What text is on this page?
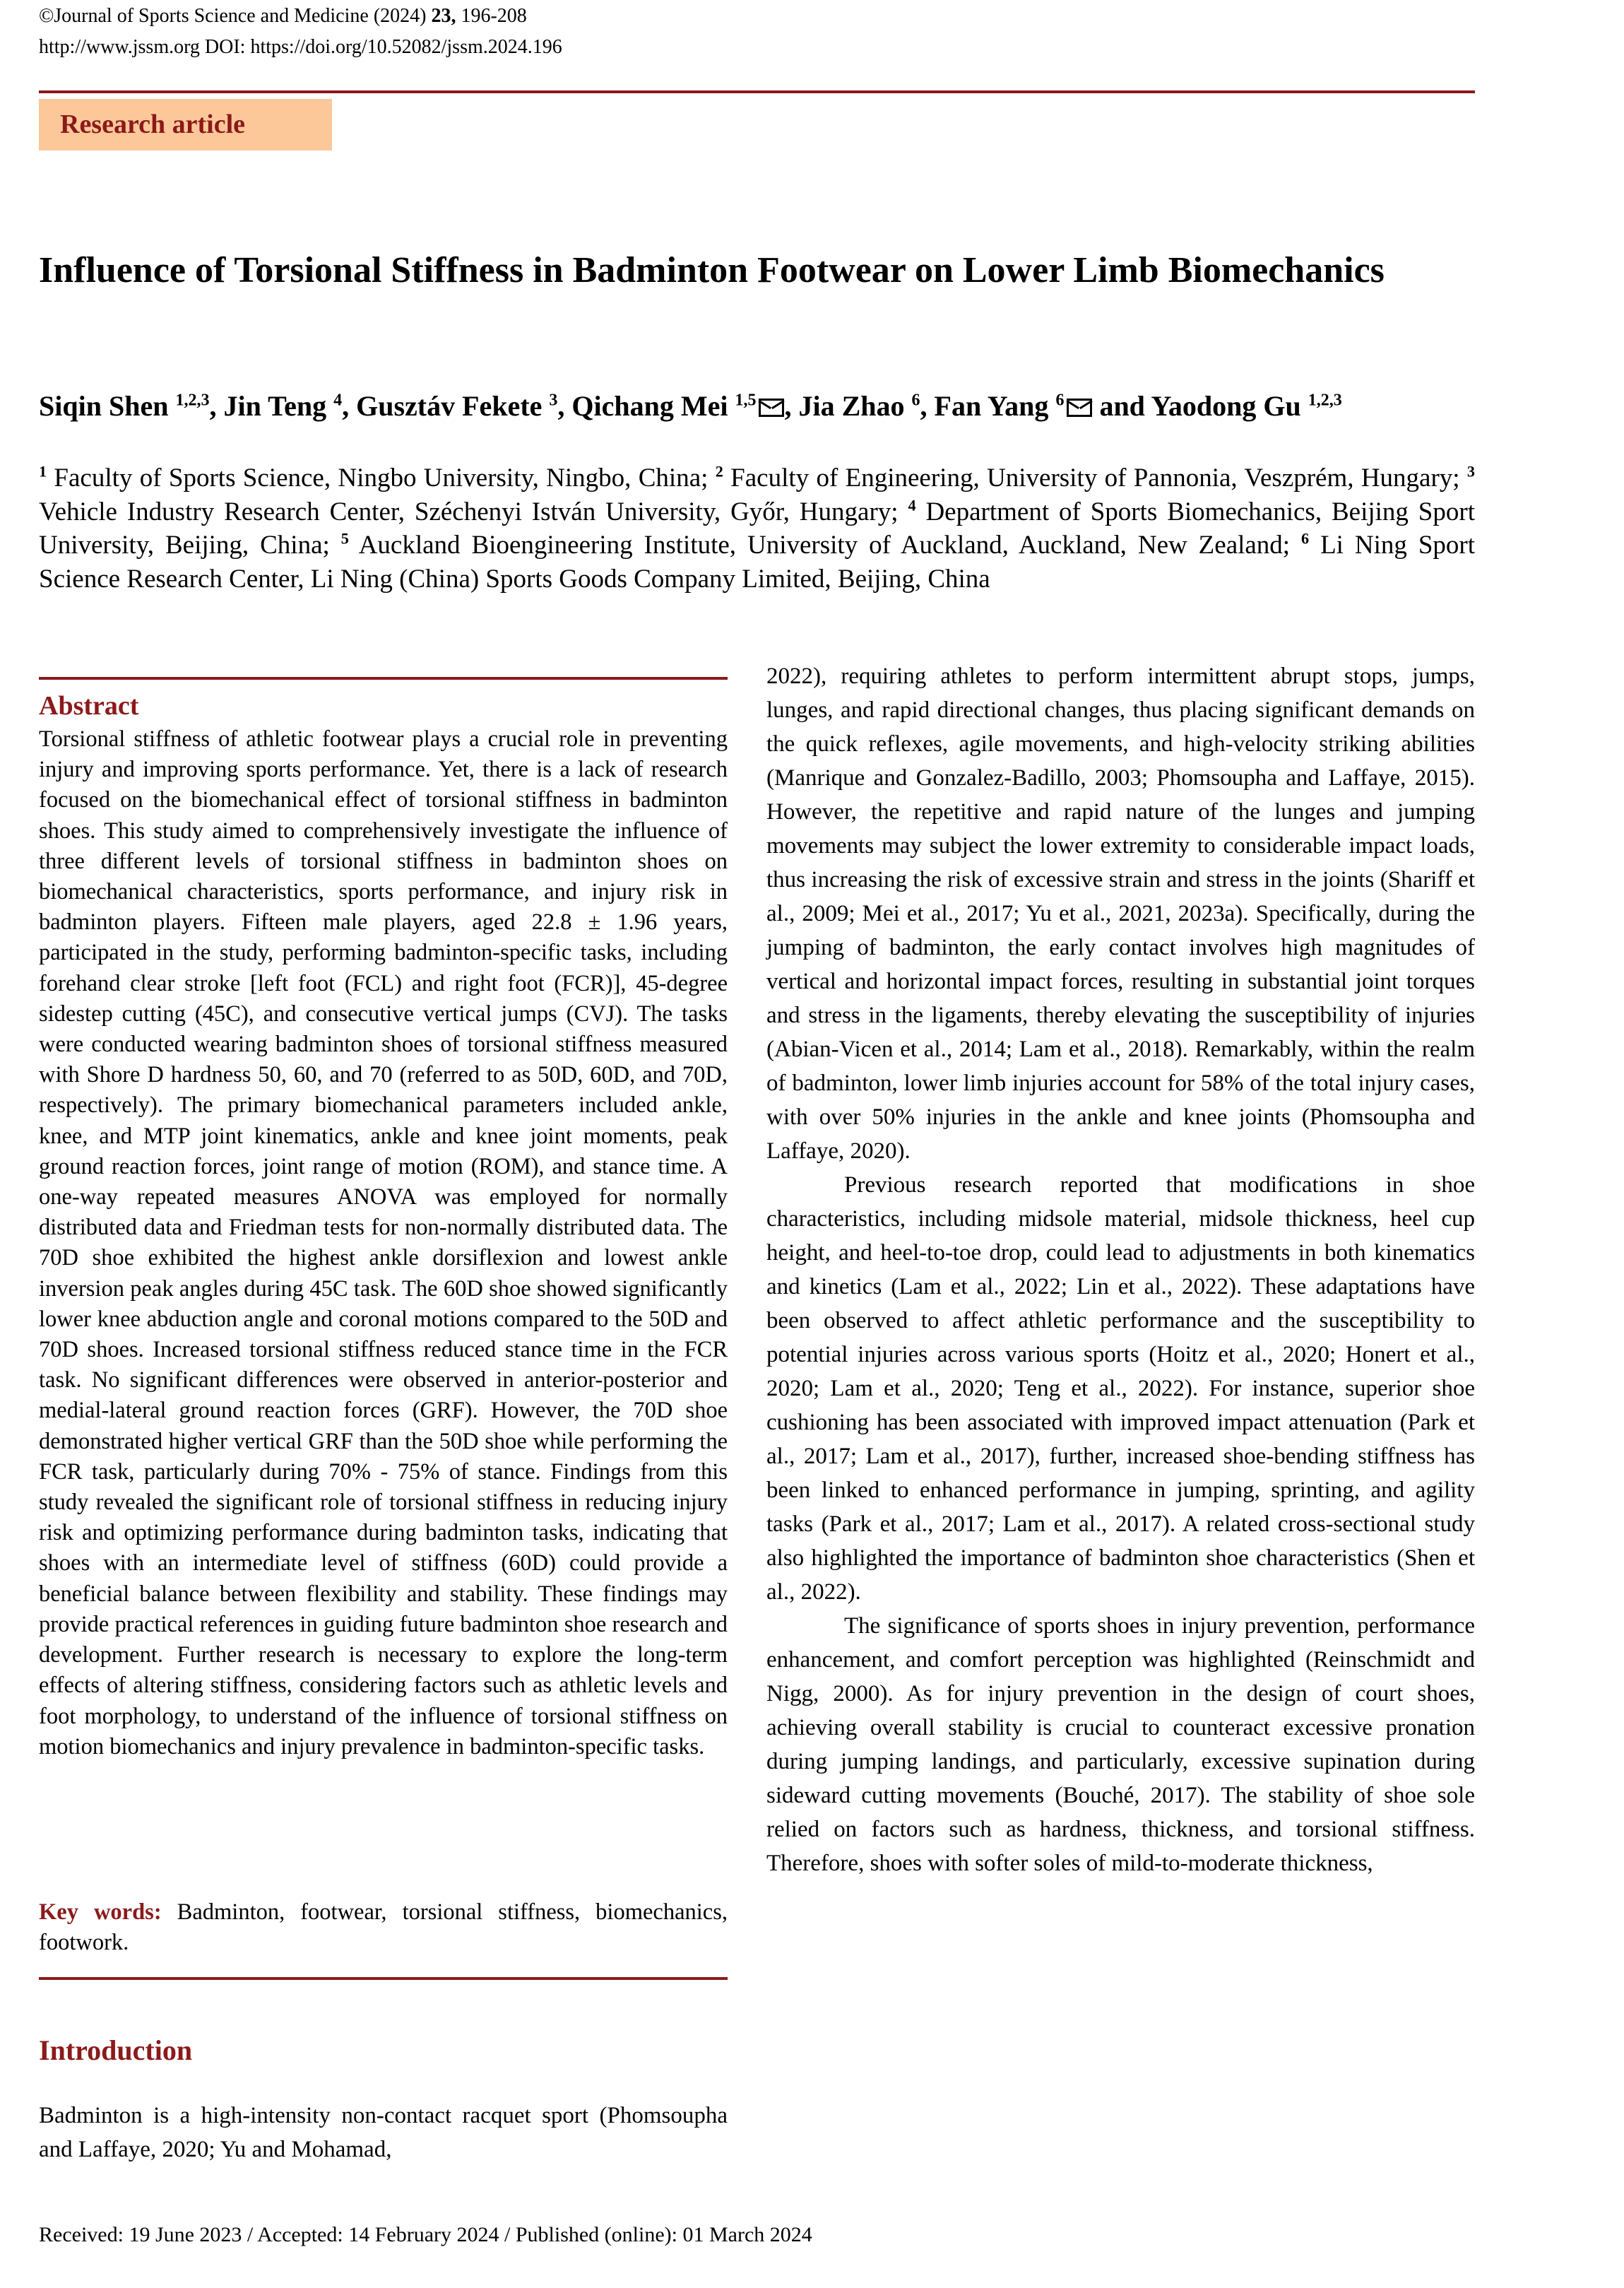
©Journal of Sports Science and Medicine (2024) 23, 196-208
http://www.jssm.org DOI: https://doi.org/10.52082/jssm.2024.196
Research article
Influence of Torsional Stiffness in Badminton Footwear on Lower Limb Biomechanics
Siqin Shen $^{1,2,3}$, Jin Teng $^4$, Gusztáv Fekete $^3$, Qichang Mei $^{1,5}$ , Jia Zhao $^6$, Fan Yang $^6$ and Yaodong Gu $^{1,2,3}$
$^1$ Faculty of Sports Science, Ningbo University, Ningbo, China; $^2$ Faculty of Engineering, University of Pannonia, Veszprém, Hungary; $^3$ Vehicle Industry Research Center, Széchenyi István University, Győr, Hungary; $^4$ Department of Sports Biomechanics, Beijing Sport University, Beijing, China; $^5$ Auckland Bioengineering Institute, University of Auckland, Auckland, New Zealand; $^6$ Li Ning Sport Science Research Center, Li Ning (China) Sports Goods Company Limited, Beijing, China
Abstract

Torsional stiffness of athletic footwear plays a crucial role in preventing injury and improving sports performance. Yet, there is a lack of research focused on the biomechanical effect of torsional stiffness in badminton shoes. This study aimed to comprehensively investigate the influence of three different levels of torsional stiffness in badminton shoes on biomechanical characteristics, sports performance, and injury risk in badminton players. Fifteen male players, aged 22.8 ± 1.96 years, participated in the study, performing badminton-specific tasks, including forehand clear stroke [left foot (FCL) and right foot (FCR)], 45-degree sidestep cutting (45C), and consecutive vertical jumps (CVJ). The tasks were conducted wearing badminton shoes of torsional stiffness measured with Shore D hardness 50, 60, and 70 (referred to as 50D, 60D, and 70D, respectively). The primary biomechanical parameters included ankle, knee, and MTP joint kinematics, ankle and knee joint moments, peak ground reaction forces, joint range of motion (ROM), and stance time. A one-way repeated measures ANOVA was employed for normally distributed data and Friedman tests for non-normally distributed data. The 70D shoe exhibited the highest ankle dorsiflexion and lowest ankle inversion peak angles during 45C task. The 60D shoe showed significantly lower knee abduction angle and coronal motions compared to the 50D and 70D shoes. Increased torsional stiffness reduced stance time in the FCR task. No significant differences were observed in anterior-posterior and medial-lateral ground reaction forces (GRF). However, the 70D shoe demonstrated higher vertical GRF than the 50D shoe while performing the FCR task, particularly during 70% - 75% of stance. Findings from this study revealed the significant role of torsional stiffness in reducing injury risk and optimizing performance during badminton tasks, indicating that shoes with an intermediate level of stiffness (60D) could provide a beneficial balance between flexibility and stability. These findings may provide practical references in guiding future badminton shoe research and development. Further research is necessary to explore the long-term effects of altering stiffness, considering factors such as athletic levels and foot morphology, to understand of the influence of torsional stiffness on motion biomechanics and injury prevalence in badminton-specific tasks.

Key words: Badminton, footwear, torsional stiffness, biomechanics, footwork.
Introduction

Badminton is a high-intensity non-contact racquet sport (Phomsoupha and Laffaye, 2020; Yu and Mohamad,

2022), requiring athletes to perform intermittent abrupt stops, jumps, lunges, and rapid directional changes, thus placing significant demands on the quick reflexes, agile movements, and high-velocity striking abilities (Manrique and Gonzalez-Badillo, 2003; Phomsoupha and Laffaye, 2015). However, the repetitive and rapid nature of the lunges and jumping movements may subject the lower extremity to considerable impact loads, thus increasing the risk of excessive strain and stress in the joints (Shariff et al., 2009; Mei et al., 2017; Yu et al., 2021, 2023a). Specifically, during the jumping of badminton, the early contact involves high magnitudes of vertical and horizontal impact forces, resulting in substantial joint torques and stress in the ligaments, thereby elevating the susceptibility of injuries (Abian-Vicen et al., 2014; Lam et al., 2018). Remarkably, within the realm of badminton, lower limb injuries account for 58% of the total injury cases, with over 50% injuries in the ankle and knee joints (Phomsoupha and Laffaye, 2020).

Previous research reported that modifications in shoe characteristics, including midsole material, midsole thickness, heel cup height, and heel-to-toe drop, could lead to adjustments in both kinematics and kinetics (Lam et al., 2022; Lin et al., 2022). These adaptations have been observed to affect athletic performance and the susceptibility to potential injuries across various sports (Hoitz et al., 2020; Honert et al., 2020; Lam et al., 2020; Teng et al., 2022). For instance, superior shoe cushioning has been associated with improved impact attenuation (Park et al., 2017; Lam et al., 2017), further, increased shoe-bending stiffness has been linked to enhanced performance in jumping, sprinting, and agility tasks (Park et al., 2017; Lam et al., 2017). A related cross-sectional study also highlighted the importance of badminton shoe characteristics (Shen et al., 2022).

The significance of sports shoes in injury prevention, performance enhancement, and comfort perception was highlighted (Reinschmidt and Nigg, 2000). As for injury prevention in the design of court shoes, achieving overall stability is crucial to counteract excessive pronation during jumping landings, and particularly, excessive supination during sideward cutting movements (Bouché, 2017). The stability of shoe sole relied on factors such as hardness, thickness, and torsional stiffness. Therefore, shoes with softer soles of mild-to-moderate thickness,

Received: 19 June 2023 / Accepted: 14 February 2024 / Published (online): 01 March 2024
